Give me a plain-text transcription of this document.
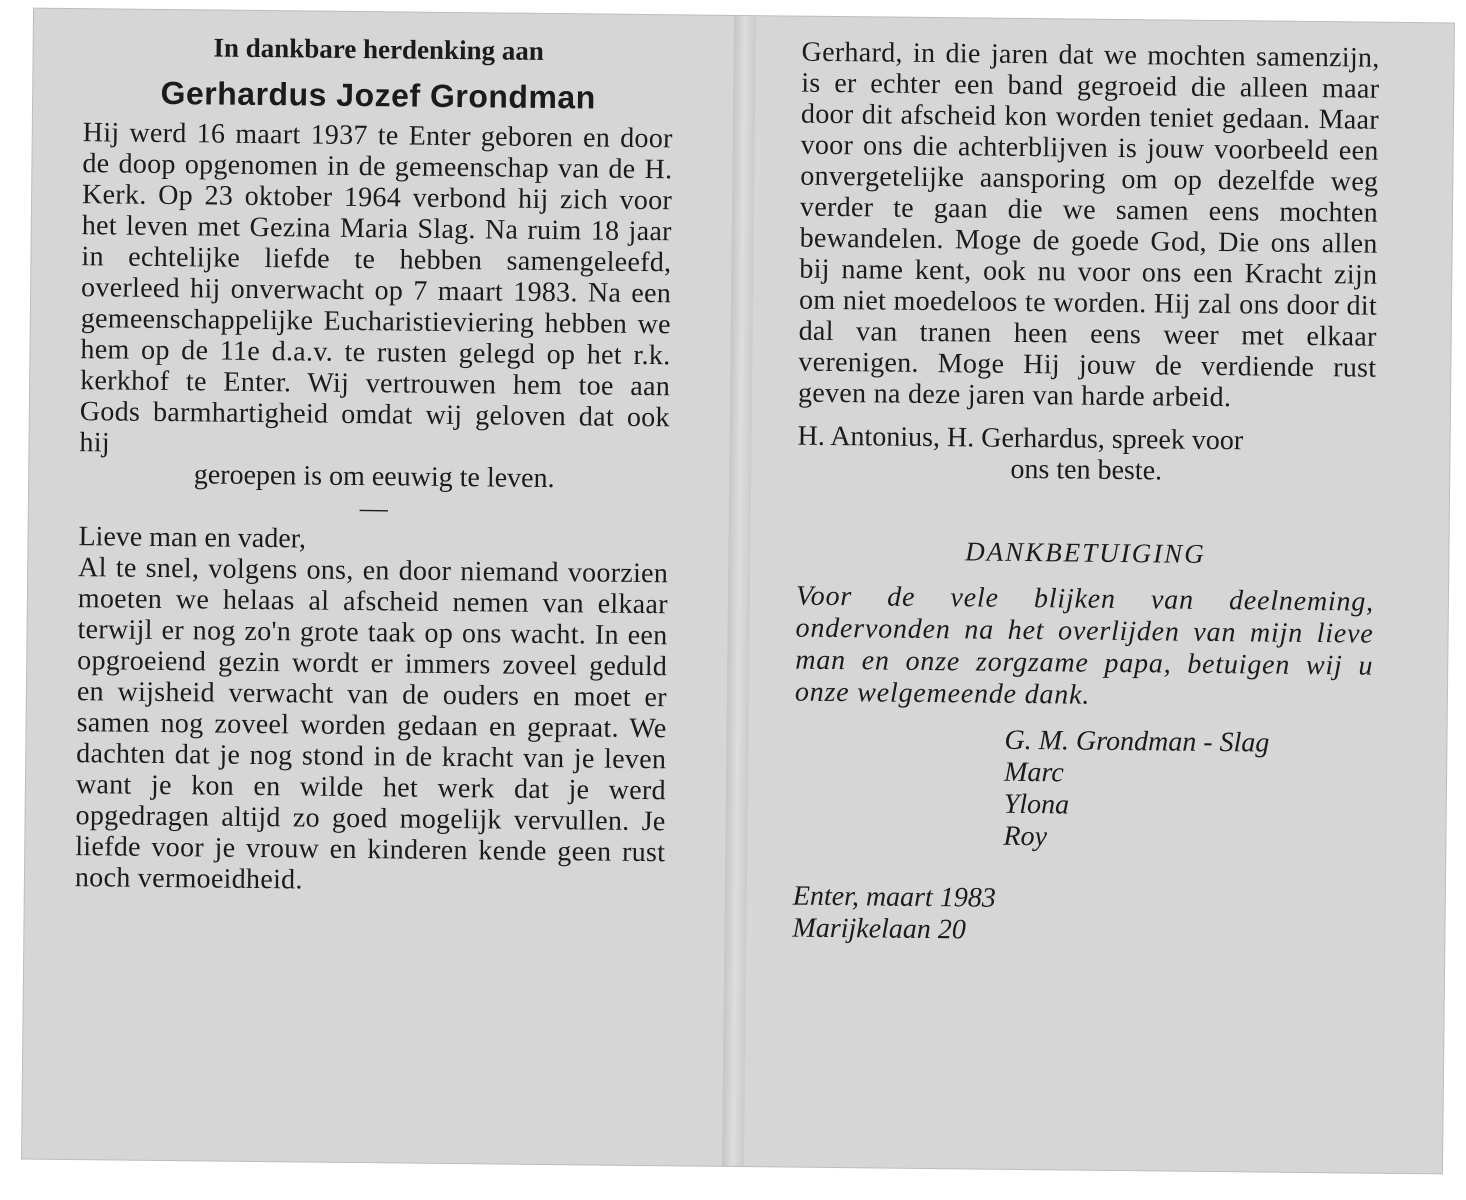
In dankbare herdenking aan

Gerhardus Jozef Grondman

Hij werd 16 maart 1937 te Enter geboren en door de doop opgenomen in de gemeenschap van de H. Kerk. Op 23 oktober 1964 verbond hij zich voor het leven met Gezina Maria Slag. Na ruim 18 jaar in echtelijke liefde te hebben samengeleefd, overleed hij onverwacht op 7 maart 1983. Na een gemeenschappelijke Eucharistieviering hebben we hem op de 11e d.a.v. te rusten gelegd op het r.k. kerkhof te Enter. Wij vertrouwen hem toe aan Gods barmhartigheid omdat wij geloven dat ook hij

geroepen is om eeuwig te leven.

—

Lieve man en vader,

Al te snel, volgens ons, en door niemand voorzien moeten we helaas al afscheid nemen van elkaar terwijl er nog zo'n grote taak op ons wacht. In een opgroeiend gezin wordt er immers zoveel geduld en wijsheid verwacht van de ouders en moet er samen nog zoveel worden gedaan en gepraat. We dachten dat je nog stond in de kracht van je leven want je kon en wilde het werk dat je werd opgedragen altijd zo goed mogelijk vervullen. Je liefde voor je vrouw en kinderen kende geen rust noch vermoeidheid.

Gerhard, in die jaren dat we mochten samenzijn, is er echter een band gegroeid die alleen maar door dit afscheid kon worden teniet gedaan. Maar voor ons die achterblijven is jouw voorbeeld een onvergetelijke aansporing om op dezelfde weg verder te gaan die we samen eens mochten bewandelen. Moge de goede God, Die ons allen bij name kent, ook nu voor ons een Kracht zijn om niet moedeloos te worden. Hij zal ons door dit dal van tranen heen eens weer met elkaar verenigen. Moge Hij jouw de verdiende rust geven na deze jaren van harde arbeid.

H. Antonius, H. Gerhardus, spreek voor

ons ten beste.

DANKBETUIGING

Voor de vele blijken van deelneming, ondervonden na het overlijden van mijn lieve man en onze zorgzame papa, betuigen wij u onze welgemeende dank.

G. M. Grondman - Slag
Marc
Ylona
Roy
Enter, maart 1983
Marijkelaan 20
